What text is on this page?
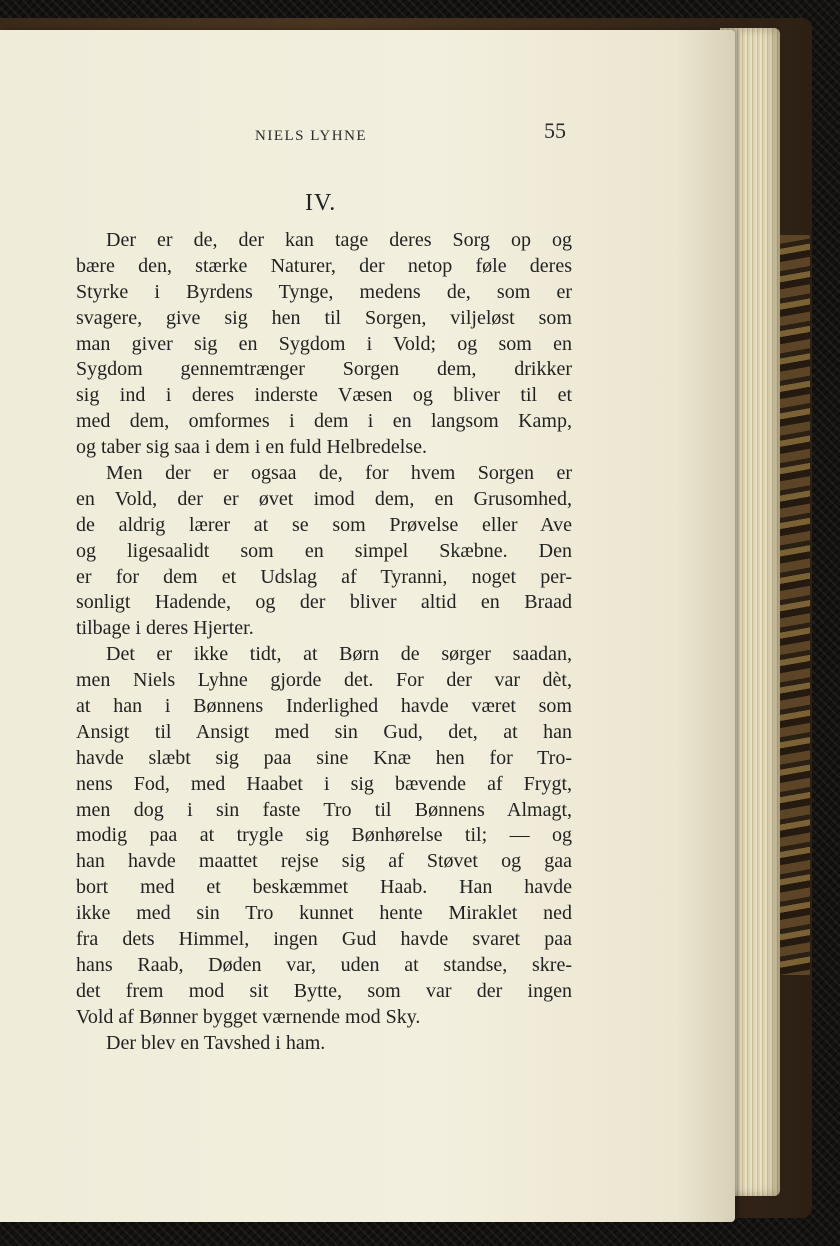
NIELS LYHNE	55
IV.
Der er de, der kan tage deres Sorg op og
bære den, stærke Naturer, der netop føle deres
Styrke i Byrdens Tynge, medens de, som er
svagere, give sig hen til Sorgen, viljeløst som
man giver sig en Sygdom i Vold; og som en
Sygdom gennemtrænger Sorgen dem, drikker
sig ind i deres inderste Væsen og bliver til et
med dem, omformes i dem i en langsom Kamp,
og taber sig saa i dem i en fuld Helbredelse.
Men der er ogsaa de, for hvem Sorgen er
en Vold, der er øvet imod dem, en Grusomhed,
de aldrig lærer at se som Prøvelse eller Ave
og ligesaalidt som en simpel Skæbne. Den
er for dem et Udslag af Tyranni, noget per-
sonligt Hadende, og der bliver altid en Braad
tilbage i deres Hjerter.
Det er ikke tidt, at Børn de sørger saadan,
men Niels Lyhne gjorde det. For der var dèt,
at han i Bønnens Inderlighed havde været som
Ansigt til Ansigt med sin Gud, det, at han
havde slæbt sig paa sine Knæ hen for Tro-
nens Fod, med Haabet i sig bævende af Frygt,
men dog i sin faste Tro til Bønnens Almagt,
modig paa at trygle sig Bønhørelse til; — og
han havde maattet rejse sig af Støvet og gaa
bort med et beskæmmet Haab. Han havde
ikke med sin Tro kunnet hente Miraklet ned
fra dets Himmel, ingen Gud havde svaret paa
hans Raab, Døden var, uden at standse, skre-
det frem mod sit Bytte, som var der ingen
Vold af Bønner bygget værnende mod Sky.
Der blev en Tavshed i ham.
